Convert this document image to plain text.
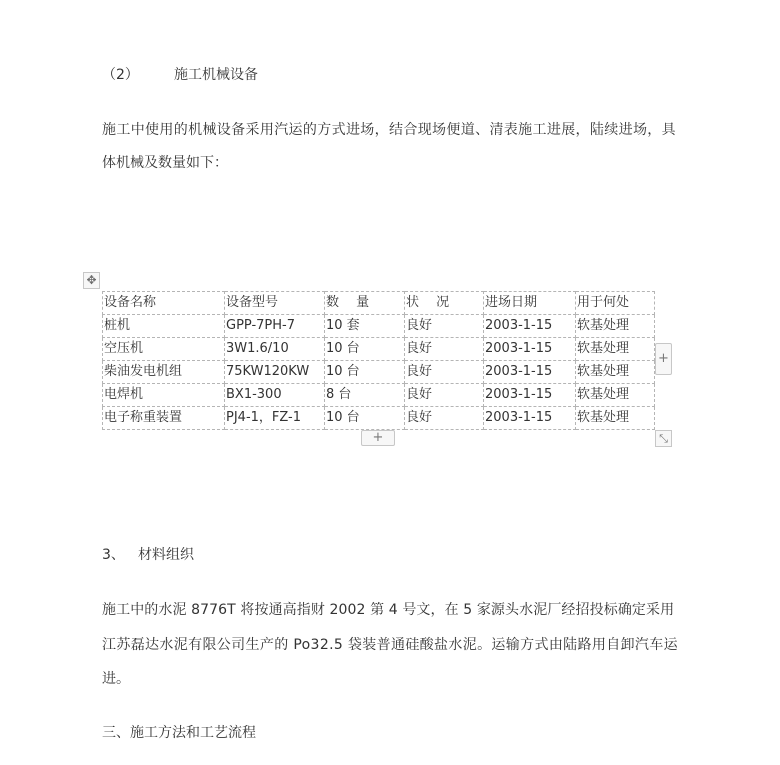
（2）	施工机械设备
施工中使用的机械设备采用汽运的方式进场，结合现场便道、清表施工进展，陆续进场，具
体机械及数量如下：
✥
设备名称	设备型号	数　 量	状　 况	进场日期	用于何处
桩机	GPP-7PH-7	10 套	良好	2003-1-15	软基处理
空压机	3W1.6/10	10 台	良好	2003-1-15	软基处理
柴油发电机组	75KW120KW	10 台	良好	2003-1-15	软基处理
电焊机	BX1-300	8 台	良好	2003-1-15	软基处理
电子称重装置	PJ4-1，FZ-1	10 台	良好	2003-1-15	软基处理
+
+	⤡
3、 材料组织
施工中的水泥 8776T 将按通高指财 2002 第 4 号文，在 5 家源头水泥厂经招投标确定采用
江苏磊达水泥有限公司生产的 Po32.5 袋装普通硅酸盐水泥。运输方式由陆路用自卸汽车运
进。
三、施工方法和工艺流程
